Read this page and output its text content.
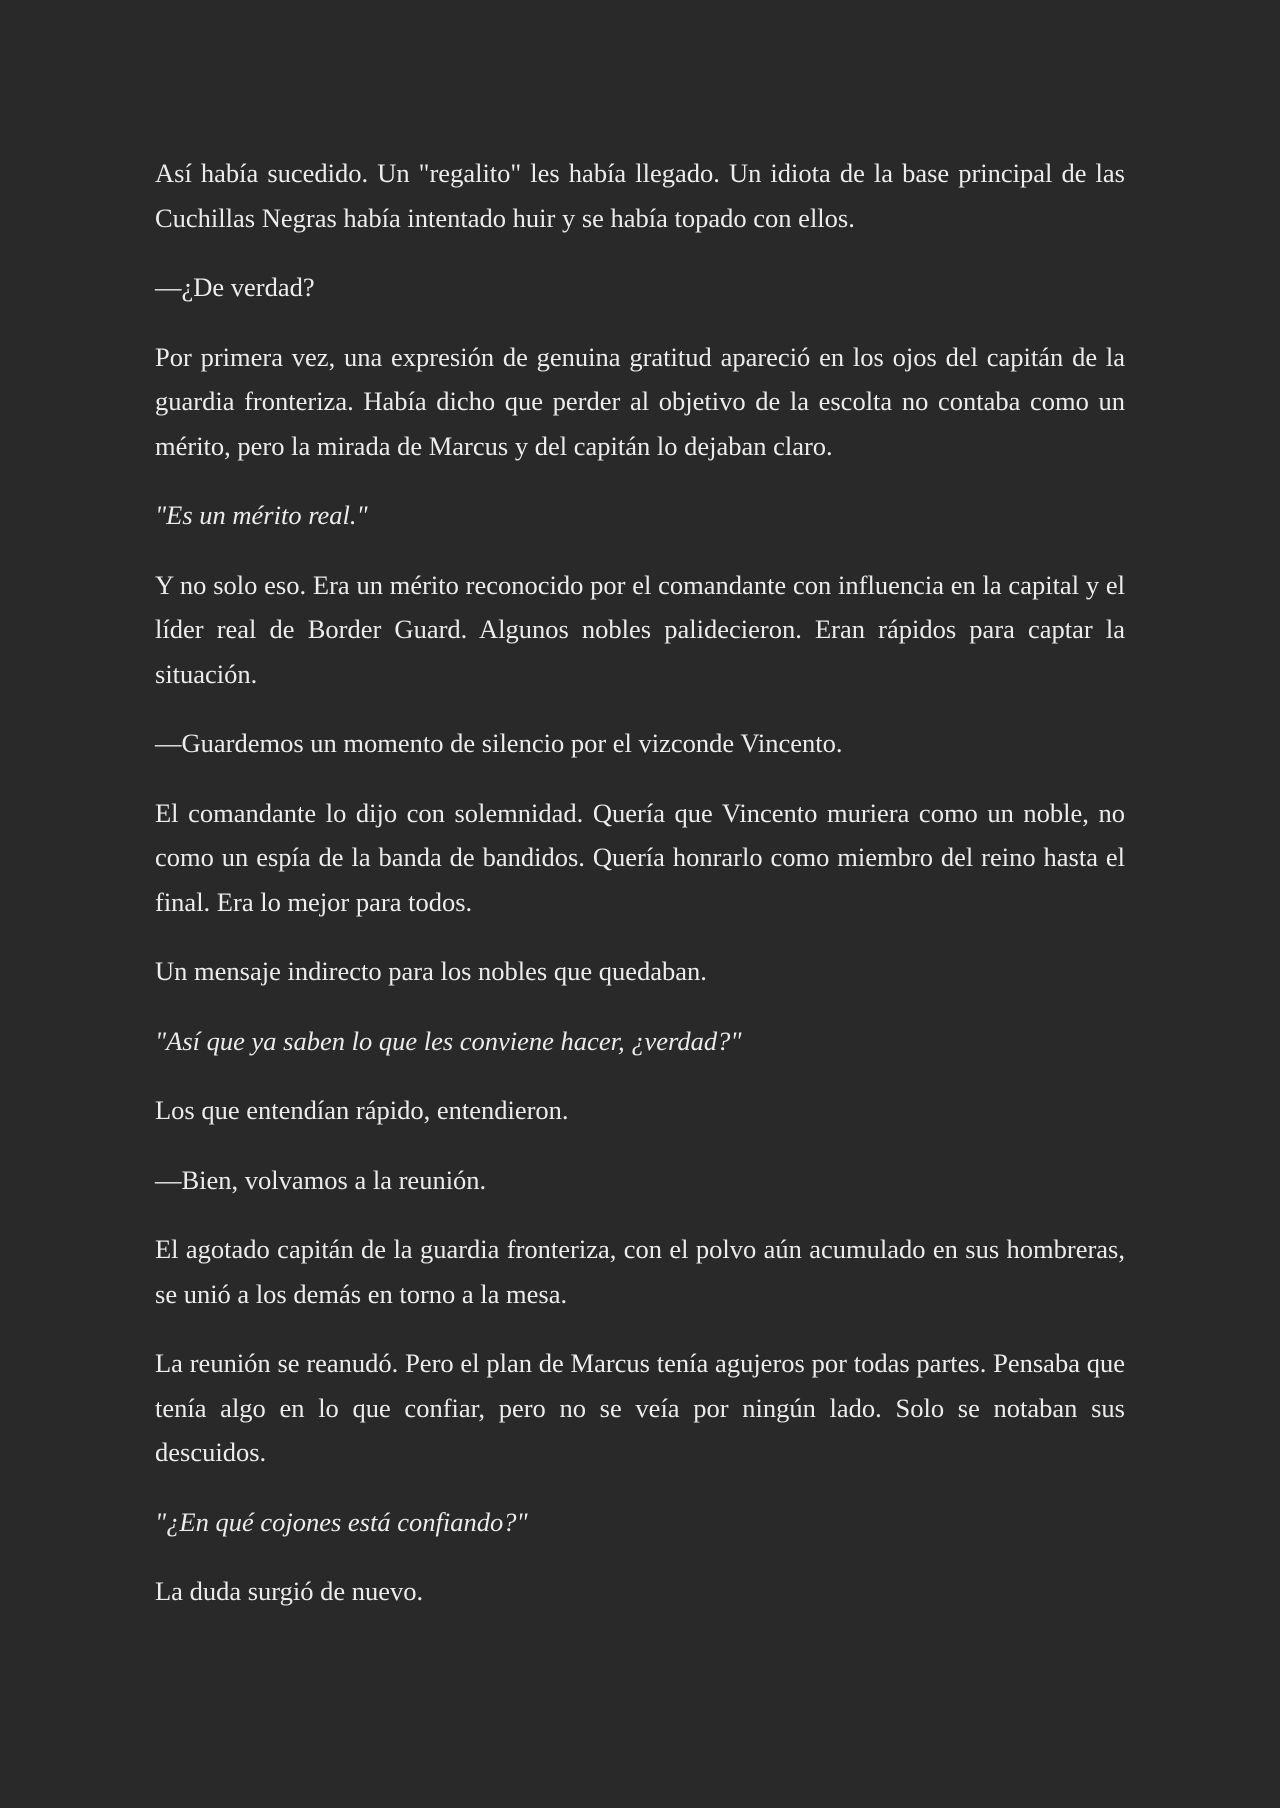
Así había sucedido. Un "regalito" les había llegado. Un idiota de la base principal de las Cuchillas Negras había intentado huir y se había topado con ellos.

—¿De verdad?

Por primera vez, una expresión de genuina gratitud apareció en los ojos del capitán de la guardia fronteriza. Había dicho que perder al objetivo de la escolta no contaba como un mérito, pero la mirada de Marcus y del capitán lo dejaban claro.

"Es un mérito real."

Y no solo eso. Era un mérito reconocido por el comandante con influencia en la capital y el líder real de Border Guard. Algunos nobles palidecieron. Eran rápidos para captar la situación.

—Guardemos un momento de silencio por el vizconde Vincento.

El comandante lo dijo con solemnidad. Quería que Vincento muriera como un noble, no como un espía de la banda de bandidos. Quería honrarlo como miembro del reino hasta el final. Era lo mejor para todos.

Un mensaje indirecto para los nobles que quedaban.

"Así que ya saben lo que les conviene hacer, ¿verdad?"

Los que entendían rápido, entendieron.

—Bien, volvamos a la reunión.

El agotado capitán de la guardia fronteriza, con el polvo aún acumulado en sus hombreras, se unió a los demás en torno a la mesa.

La reunión se reanudó. Pero el plan de Marcus tenía agujeros por todas partes. Pensaba que tenía algo en lo que confiar, pero no se veía por ningún lado. Solo se notaban sus descuidos.

"¿En qué cojones está confiando?"

La duda surgió de nuevo.
